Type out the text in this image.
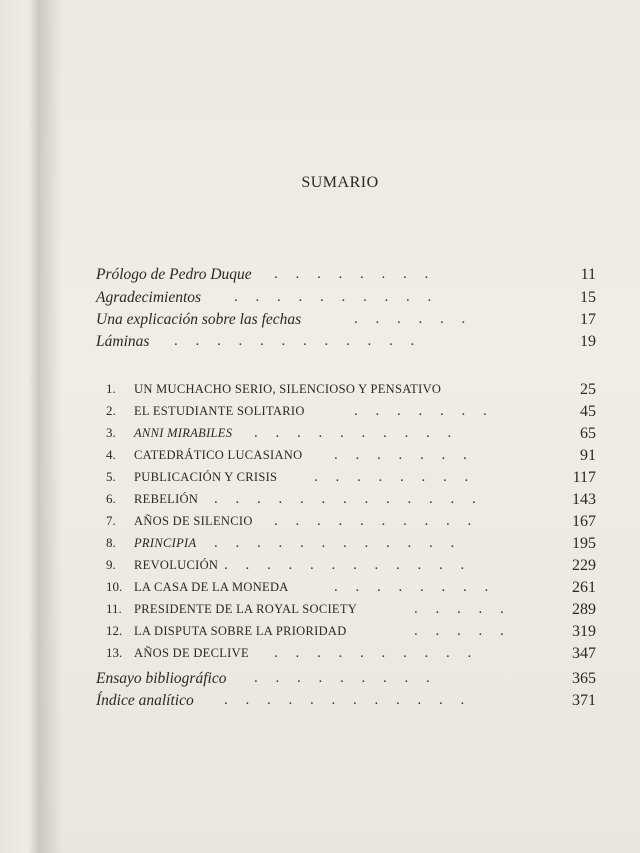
SUMARIO
Prólogo de Pedro Duque . . . . . . . .	11
Agradecimientos . . . . . . . . . .	15
Una explicación sobre las fechas	. . . . . .	17
Láminas . . . . . . . . . . . .	19
1. UN MUCHACHO SERIO, SILENCIOSO Y PENSATIVO	25
2. EL ESTUDIANTE SOLITARIO	. . . . . . .	45
3. ANNI MIRABILES . . . . . . . . . .	65
4. CATEDRÁTICO LUCASIANO . . . . . . .	91
5. PUBLICACIÓN Y CRISIS . . . . . . . .	117
6. REBELIÓN . . . . . . . . . . . . .	143
7. AÑOS DE SILENCIO . . . . . . . . . .	167
8. PRINCIPIA . . . . . . . . . . . .	195
9. REVOLUCIÓN . . . . . . . . . . . .	229
10. LA CASA DE LA MONEDA	. . . . . . . .	261
11. PRESIDENTE DE LA ROYAL SOCIETY	. . . . .	289
12. LA DISPUTA SOBRE LA PRIORIDAD	. . . . .	319
13. AÑOS DE DECLIVE . . . . . . . . . .	347
Ensayo bibliográfico . . . . . . . . .	365
Índice analítico . . . . . . . . . . . .	371
